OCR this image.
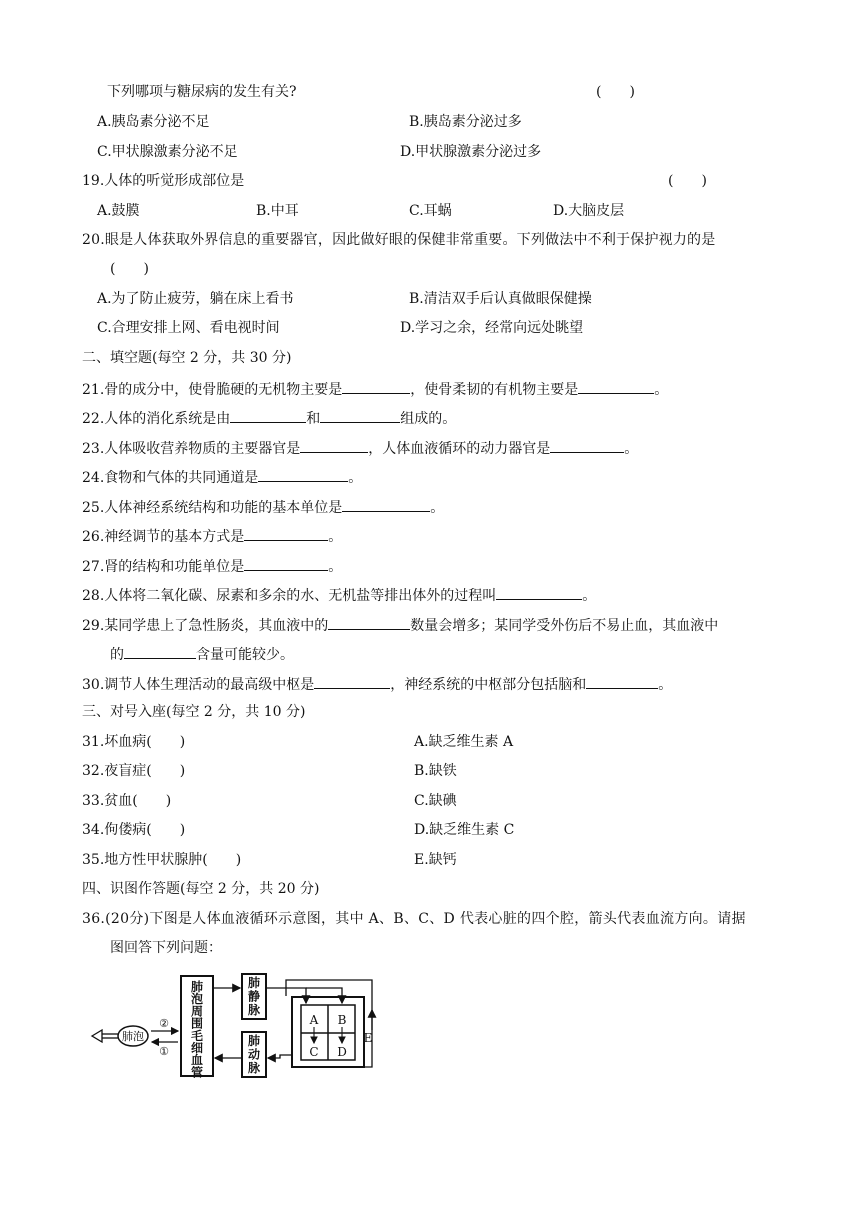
下列哪项与糖尿病的发生有关?	(　　)
A.胰岛素分泌不足	B.胰岛素分泌过多
C.甲状腺激素分泌不足	D.甲状腺激素分泌过多
19.人体的听觉形成部位是	(　　)
A.鼓膜	B.中耳	C.耳蜗	D.大脑皮层
20.眼是人体获取外界信息的重要器官，因此做好眼的保健非常重要。下列做法中不利于保护视力的是
(　　)
A.为了防止疲劳，躺在床上看书	B.清洁双手后认真做眼保健操
C.合理安排上网、看电视时间	D.学习之余，经常向远处眺望
二、填空题(每空 2 分，共 30 分)
21.骨的成分中，使骨脆硬的无机物主要是	，使骨柔韧的有机物主要是	。
22.人体的消化系统是由	和	组成的。
23.人体吸收营养物质的主要器官是	，人体血液循环的动力器官是	。
24.食物和气体的共同通道是	。
25.人体神经系统结构和功能的基本单位是	。
26.神经调节的基本方式是	。
27.肾的结构和功能单位是	。
28.人体将二氧化碳、尿素和多余的水、无机盐等排出体外的过程叫	。
29.某同学患上了急性肠炎，其血液中的	数量会增多；某同学受外伤后不易止血，其血液中
的	含量可能较少。
30.调节人体生理活动的最高级中枢是	，神经系统的中枢部分包括脑和	。
三、对号入座(每空 2 分，共 10 分)
31.坏血病(　　)	A.缺乏维生素 A
32.夜盲症(　　)	B.缺铁
33.贫血(　　)	C.缺碘
34.佝偻病(　　)	D.缺乏维生素 C
35.地方性甲状腺肿(　　)	E.缺钙
四、识图作答题(每空 2 分，共 20 分)
36.(20分)下图是人体血液循环示意图，其中 A、B、C、D 代表心脏的四个腔，箭头代表血流方向。请据
图回答下列问题：
肺泡
②
①
肺
泡
周
围
毛
细
血
管
肺
静
脉
肺
动
脉
A B
C D
E
